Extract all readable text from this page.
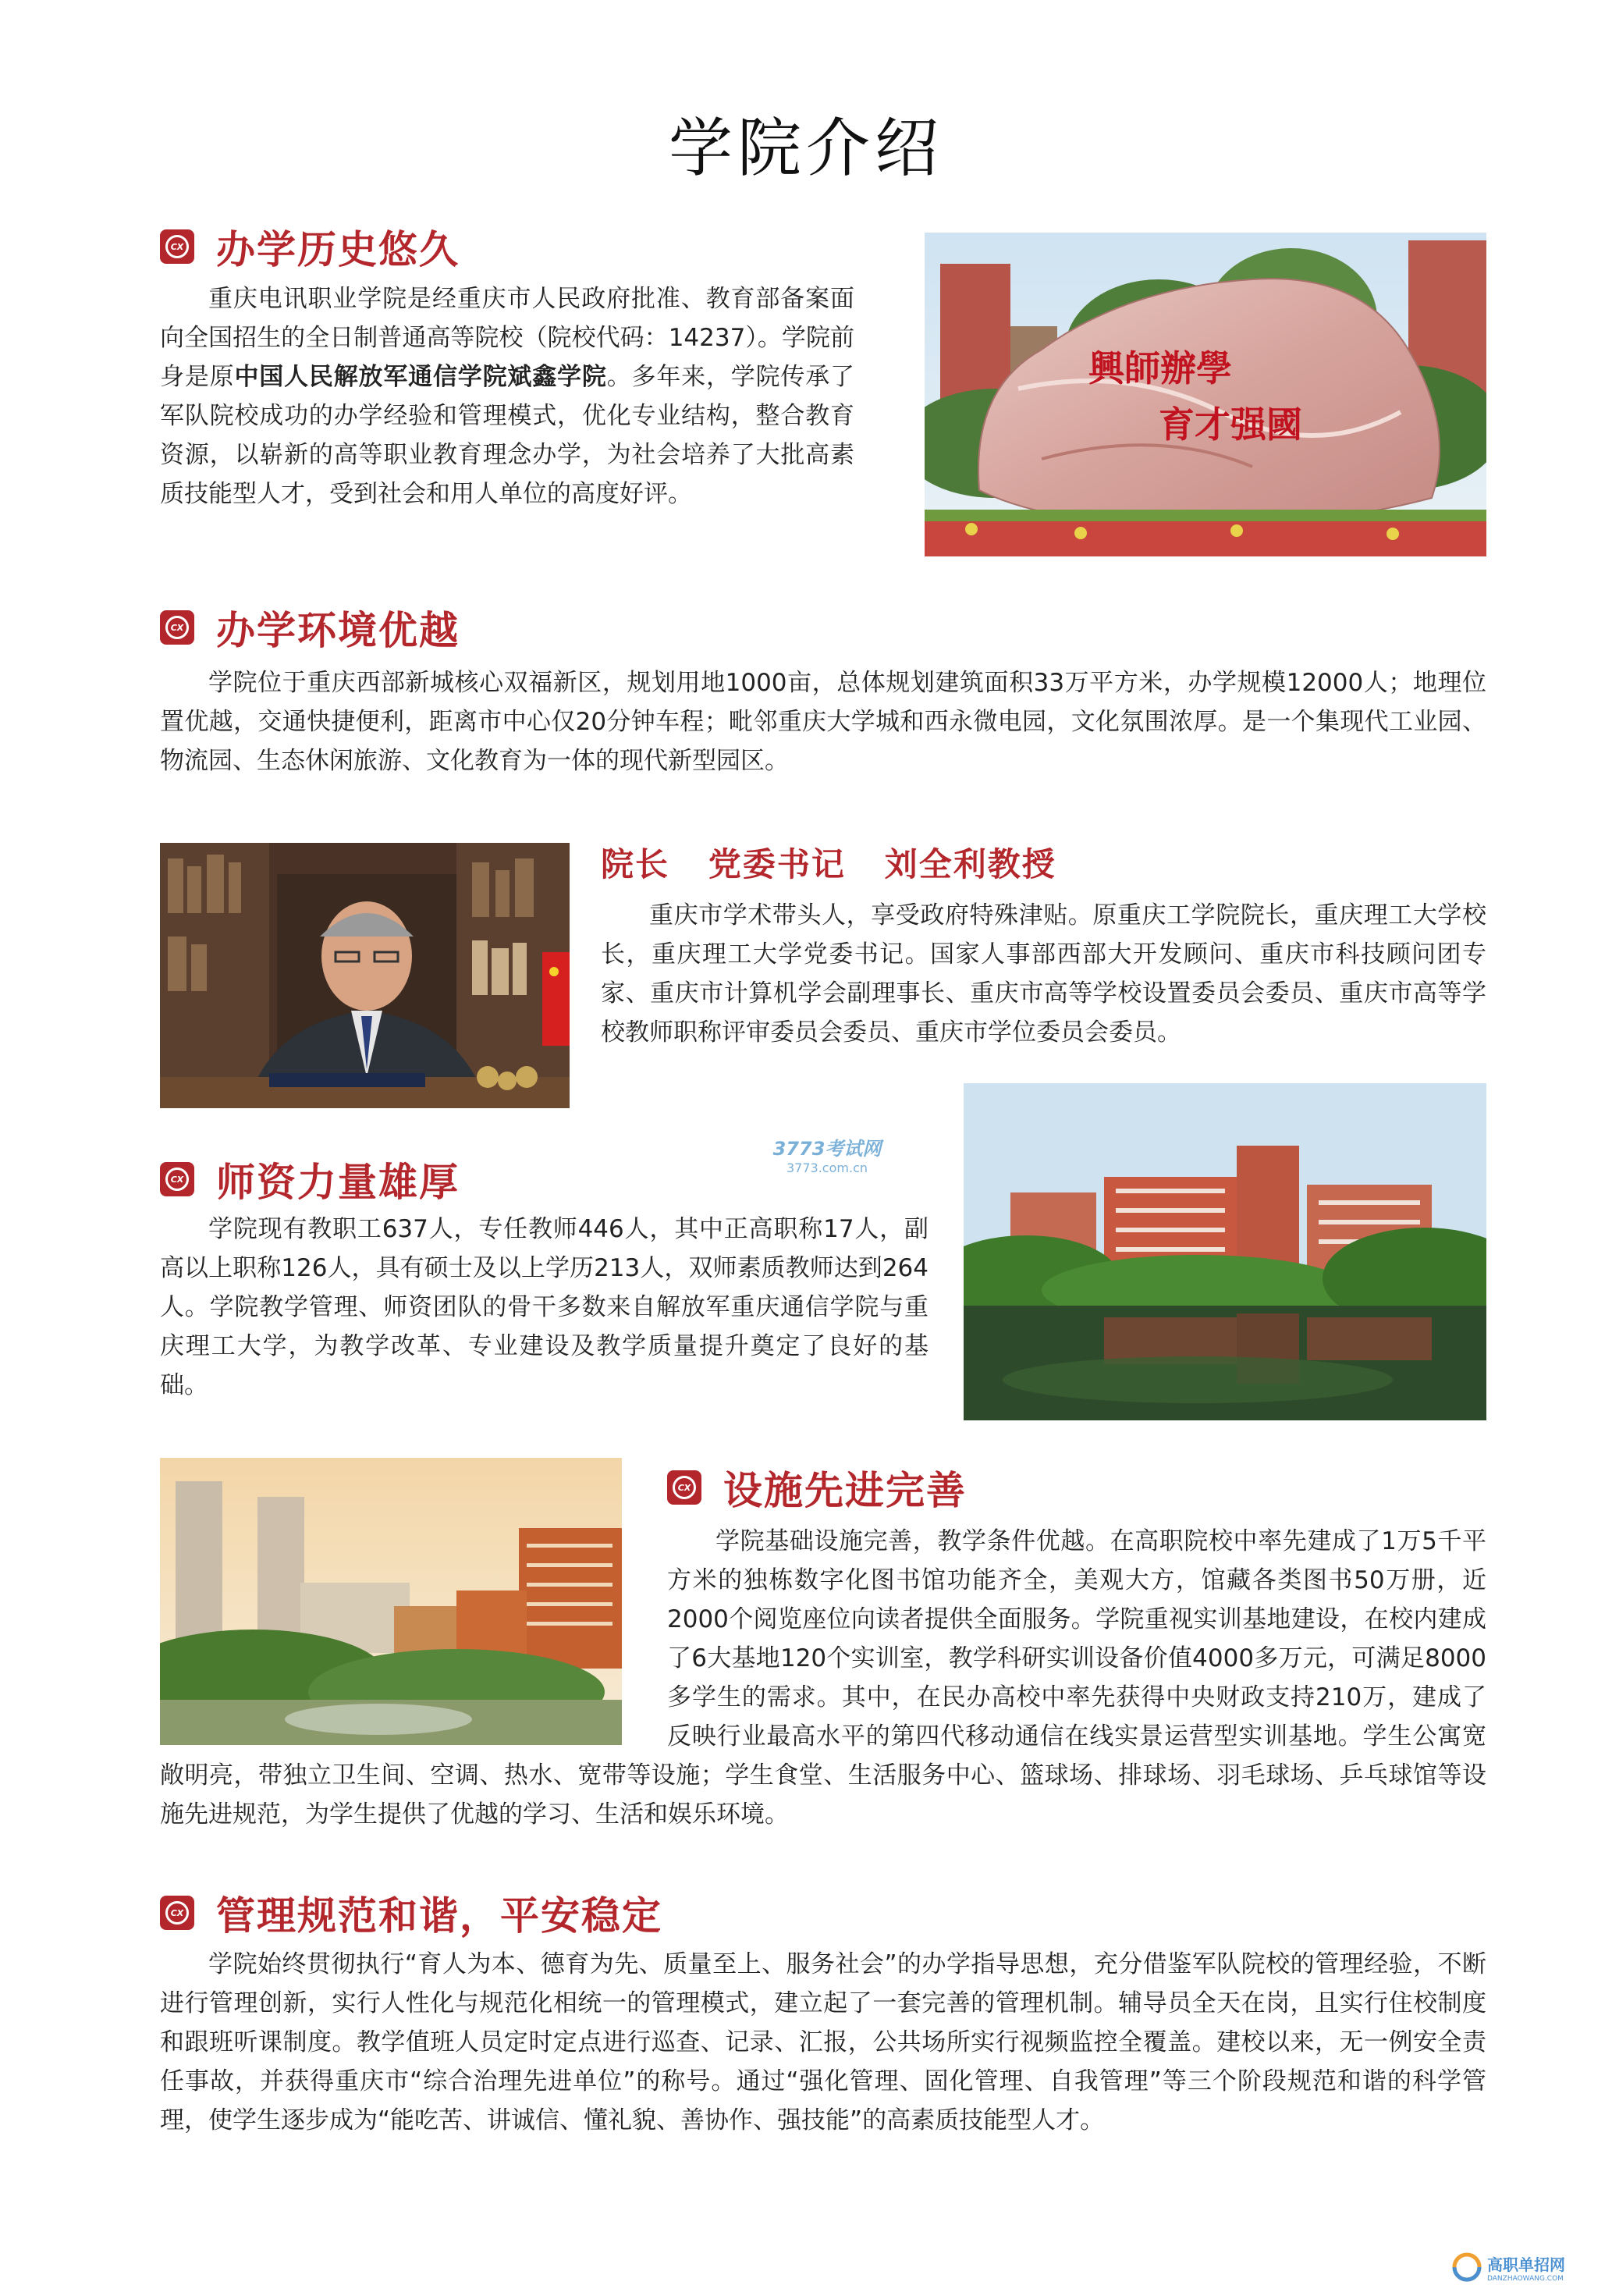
学院介绍
CX 办学历史悠久

重庆电讯职业学院是经重庆市人民政府批准、教育部备案面向全国招生的全日制普通高等院校（院校代码：14237）。学院前身是原中国人民解放军通信学院斌鑫学院。多年来，学院传承了军队院校成功的办学经验和管理模式，优化专业结构，整合教育资源，以崭新的高等职业教育理念办学，为社会培养了大批高素质技能型人才，受到社会和用人单位的高度好评。

興師辦學
育才强國
CX 办学环境优越

学院位于重庆西部新城核心双福新区，规划用地1000亩，总体规划建筑面积33万平方米，办学规模12000人；地理位置优越，交通快捷便利，距离市中心仅20分钟车程；毗邻重庆大学城和西永微电园，文化氛围浓厚。是一个集现代工业园、物流园、生态休闲旅游、文化教育为一体的现代新型园区。

院长   党委书记   刘全利教授

重庆市学术带头人，享受政府特殊津贴。原重庆工学院院长，重庆理工大学校长，重庆理工大学党委书记。国家人事部西部大开发顾问、重庆市科技顾问团专家、重庆市计算机学会副理事长、重庆市高等学校设置委员会委员、重庆市高等学校教师职称评审委员会委员、重庆市学位委员会委员。

3773考试网
3773.com.cn
CX 师资力量雄厚

学院现有教职工637人，专任教师446人，其中正高职称17人，副高以上职称126人，具有硕士及以上学历213人，双师素质教师达到264人。学院教学管理、师资团队的骨干多数来自解放军重庆通信学院与重庆理工大学，为教学改革、专业建设及教学质量提升奠定了良好的基础。

CX 设施先进完善

学院基础设施完善，教学条件优越。在高职院校中率先建成了1万5千平方米的独栋数字化图书馆功能齐全，美观大方，馆藏各类图书50万册，近2000个阅览座位向读者提供全面服务。学院重视实训基地建设，在校内建成了6大基地120个实训室，教学科研实训设备价值4000多万元，可满足8000多学生的需求。其中，在民办高校中率先获得中央财政支持210万，建成了反映行业最高水平的第四代移动通信在线实景运营型实训基地。学生公寓宽敞明亮，带独立卫生间、空调、热水、宽带等设施；学生食堂、生活服务中心、篮球场、排球场、羽毛球场、乒乓球馆等设施先进规范，为学生提供了优越的学习、生活和娱乐环境。

CX 管理规范和谐，平安稳定

学院始终贯彻执行“育人为本、德育为先、质量至上、服务社会”的办学指导思想，充分借鉴军队院校的管理经验，不断进行管理创新，实行人性化与规范化相统一的管理模式，建立起了一套完善的管理机制。辅导员全天在岗，且实行住校制度和跟班听课制度。教学值班人员定时定点进行巡查、记录、汇报，公共场所实行视频监控全覆盖。建校以来，无一例安全责任事故，并获得重庆市“综合治理先进单位”的称号。通过“强化管理、固化管理、自我管理”等三个阶段规范和谐的科学管理，使学生逐步成为“能吃苦、讲诚信、懂礼貌、善协作、强技能”的高素质技能型人才。

高职单招网
DANZHAOWANG.COM
